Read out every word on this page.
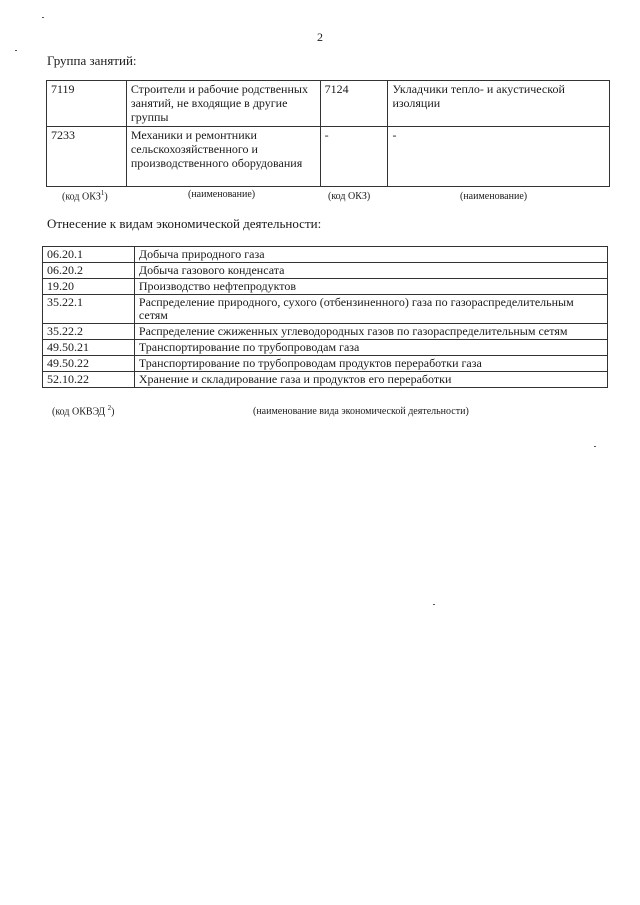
2
Группа занятий:
7119	Строители и рабочие родственных занятий, не входящие в другие группы	7124	Укладчики тепло- и акустической изоляции
7233	Механики и ремонтники сельскохозяйственного и производственного оборудования	-	-
(код ОКЗ$^1$)	(наименование)	(код ОКЗ)	(наименование)
Отнесение к видам экономической деятельности:
06.20.1	Добыча природного газа
06.20.2	Добыча газового конденсата
19.20	Производство нефтепродуктов
35.22.1	Распределение природного, сухого (отбензиненного) газа по газораспределительным сетям
35.22.2	Распределение сжиженных углеводородных газов по газораспределительным сетям
49.50.21	Транспортирование по трубопроводам газа
49.50.22	Транспортирование по трубопроводам продуктов переработки газа
52.10.22	Хранение и складирование газа и продуктов его переработки
(код ОКВЭД $^2$)	(наименование вида экономической деятельности)
